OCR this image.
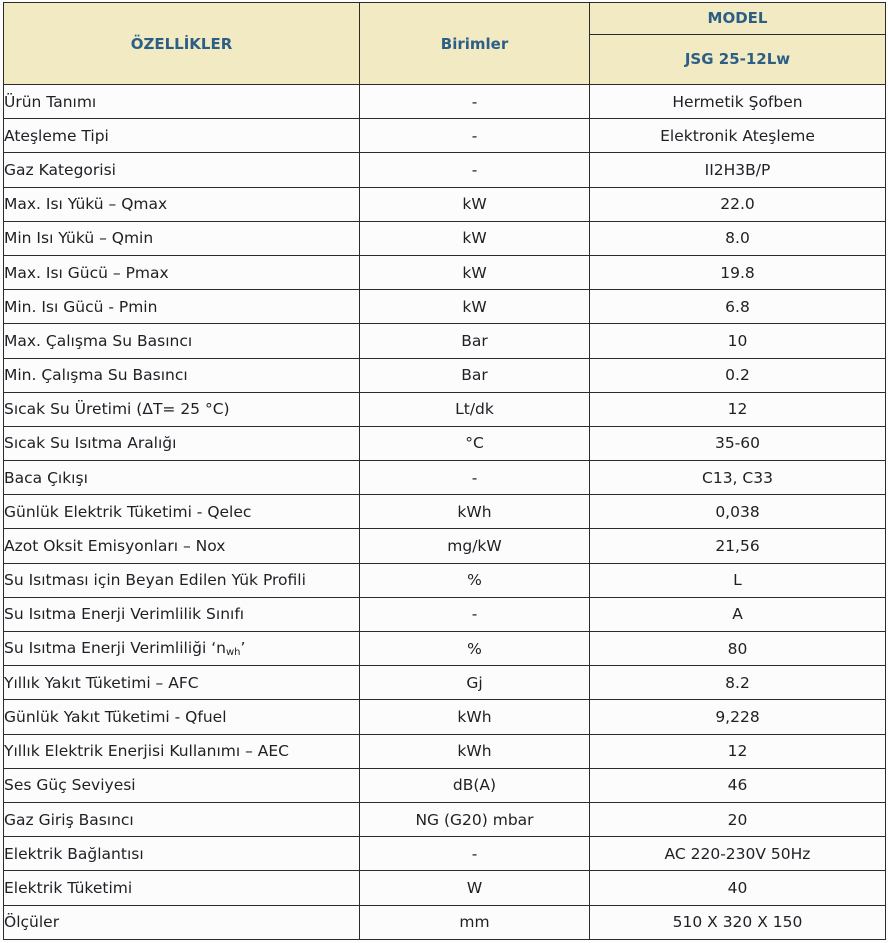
ÖZELLİKLER	Birimler	MODEL
		JSG 25-12Lw
Ürün Tanımı	-	Hermetik Şofben
Ateşleme Tipi	-	Elektronik Ateşleme
Gaz Kategorisi	-	II2H3B/P
Max. Isı Yükü – Qmax	kW	22.0
Min Isı Yükü – Qmin	kW	8.0
Max. Isı Gücü – Pmax	kW	19.8
Min. Isı Gücü - Pmin	kW	6.8
Max. Çalışma Su Basıncı	Bar	10
Min. Çalışma Su Basıncı	Bar	0.2
Sıcak Su Üretimi (ΔT= 25 °C)	Lt/dk	12
Sıcak Su Isıtma Aralığı	°C	35-60
Baca Çıkışı	-	C13, C33
Günlük Elektrik Tüketimi - Qelec	kWh	0,038
Azot Oksit Emisyonları – Nox	mg/kW	21,56
Su Isıtması için Beyan Edilen Yük Profili	%	L
Su Isıtma Enerji Verimlilik Sınıfı	-	A
Su Isıtma Enerji Verimliliği ‘$n_{wh}$’	%	80
Yıllık Yakıt Tüketimi – AFC	Gj	8.2
Günlük Yakıt Tüketimi - Qfuel	kWh	9,228
Yıllık Elektrik Enerjisi Kullanımı – AEC	kWh	12
Ses Güç Seviyesi	dB(A)	46
Gaz Giriş Basıncı	NG (G20) mbar	20
Elektrik Bağlantısı	-	AC 220-230V 50Hz
Elektrik Tüketimi	W	40
Ölçüler	mm	510 X 320 X 150
